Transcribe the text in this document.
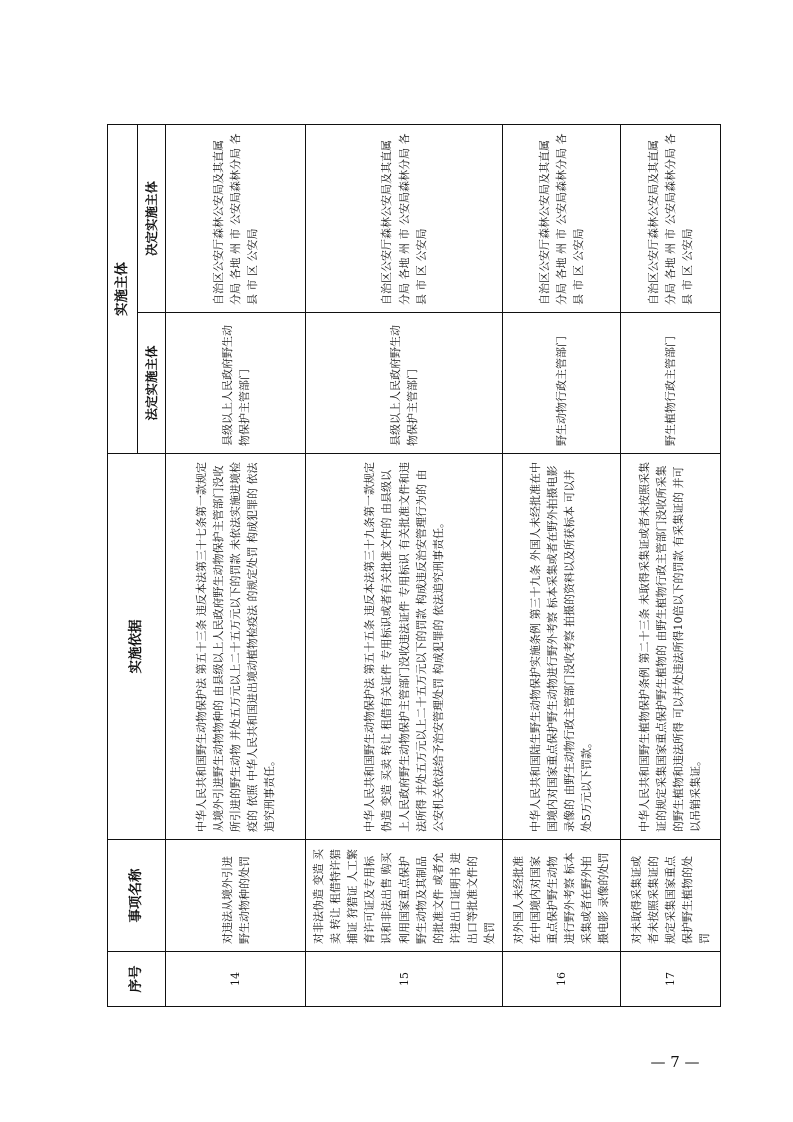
序号	事项名称	实施依据	实施主体	
			法定实施主体	决定实施主体
14	对违法从境外引进野生动物种的处罚	中华人民共和国野生动物保护法 第五十三条 违反本法第三十七条第一款规定 从境外引进野生动物物种的 由县级以上人民政府野生动物保护主管部门没收所引进的野生动物 并处五万元以上二十五万元以下的罚款 未依法实施进境检疫的 依照 中华人民共和国进出境动植物检疫法 的规定处罚 构成犯罪的 依法追究刑事责任。	县级以上人民政府野生动物保护主管部门	自治区公安厅森林公安局及其直属分局 各地 州 市 公安局森林分局 各县 市 区 公安局
15	对非法伪造 变造 买卖 转让 租借特许猎捕证 狩猎证 人工繁育许可证及专用标识和非法出售 购买 利用国家重点保护野生动物及其制品的批准文件 或者允许进出口证明书 进出口等批准文件的处罚	中华人民共和国野生动物保护法 第五十五条 违反本法第三十九条第一款规定 伪造 变造 买卖 转让 租借有关证件 专用标识或者有关批准文件的 由县级以上人民政府野生动物保护主管部门没收违法证件 专用标识 有关批准文件和违法所得 并处五万元以上二十五万元以下的罚款 构成违反治安管理行为的 由公安机关依法给予治安管理处罚 构成犯罪的 依法追究刑事责任。	县级以上人民政府野生动物保护主管部门	自治区公安厅森林公安局及其直属分局 各地 州 市 公安局森林分局 各县 市 区 公安局
16	对外国人未经批准在中国境内对国家重点保护野生动物进行野外考察 标本采集或者在野外拍摄电影 录像的处罚	中华人民共和国陆生野生动物保护实施条例 第三十九条 外国人未经批准在中国境内对国家重点保护野生动物进行野外考察 标本采集或者在野外拍摄电影 录像的 由野生动物行政主管部门没收考察 拍摄的资料以及所获标本 可以并处5万元以下罚款。	野生动物行政主管部门	自治区公安厅森林公安局及其直属分局 各地 州 市 公安局森林分局 各县 市 区 公安局
17	对未取得采集证或者未按照采集证的规定采集国家重点保护野生植物的处罚	中华人民共和国野生植物保护条例 第二十三条 未取得采集证或者未按照采集证的规定采集国家重点保护野生植物的 由野生植物行政主管部门没收所采集的野生植物和违法所得 可以并处违法所得10倍以下的罚款 有采集证的 并可以吊销采集证。	野生植物行政主管部门	自治区公安厅森林公安局及其直属分局 各地 州 市 公安局森林分局 各县 市 区 公安局
— 7 —
